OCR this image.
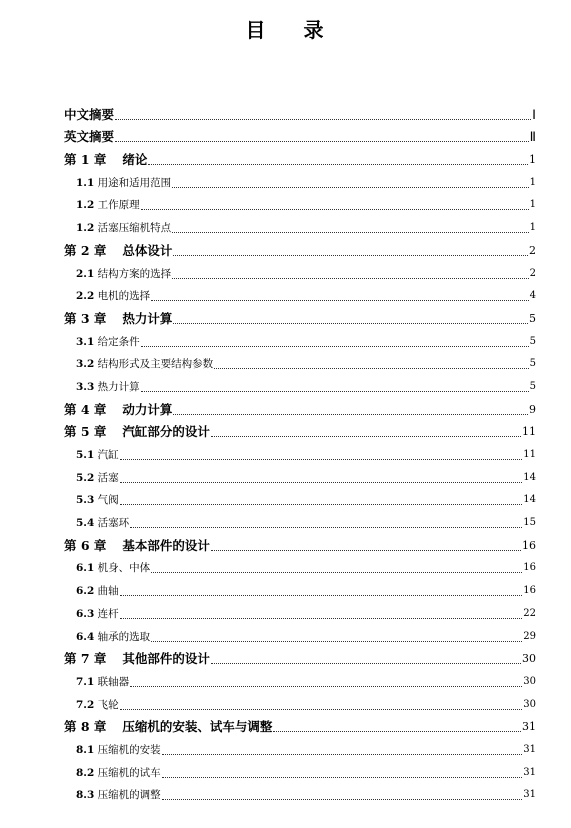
目 录
中文摘要	Ⅰ
英文摘要	Ⅱ
第 1 章 绪论	1
1.1 用途和适用范围	1
1.2 工作原理	1
1.2 活塞压缩机特点	1
第 2 章 总体设计	2
2.1 结构方案的选择	2
2.2 电机的选择	4
第 3 章 热力计算	5
3.1 给定条件	5
3.2 结构形式及主要结构参数	5
3.3 热力计算	5
第 4 章 动力计算	9
第 5 章 汽缸部分的设计	11
5.1 汽缸	11
5.2 活塞	14
5.3 气阀	14
5.4 活塞环	15
第 6 章 基本部件的设计	16
6.1 机身、中体	16
6.2 曲轴	16
6.3 连杆	22
6.4 轴承的选取	29
第 7 章 其他部件的设计	30
7.1 联轴器	30
7.2 飞轮	30
第 8 章 压缩机的安装、试车与调整	31
8.1 压缩机的安装	31
8.2 压缩机的试车	31
8.3 压缩机的调整	31
